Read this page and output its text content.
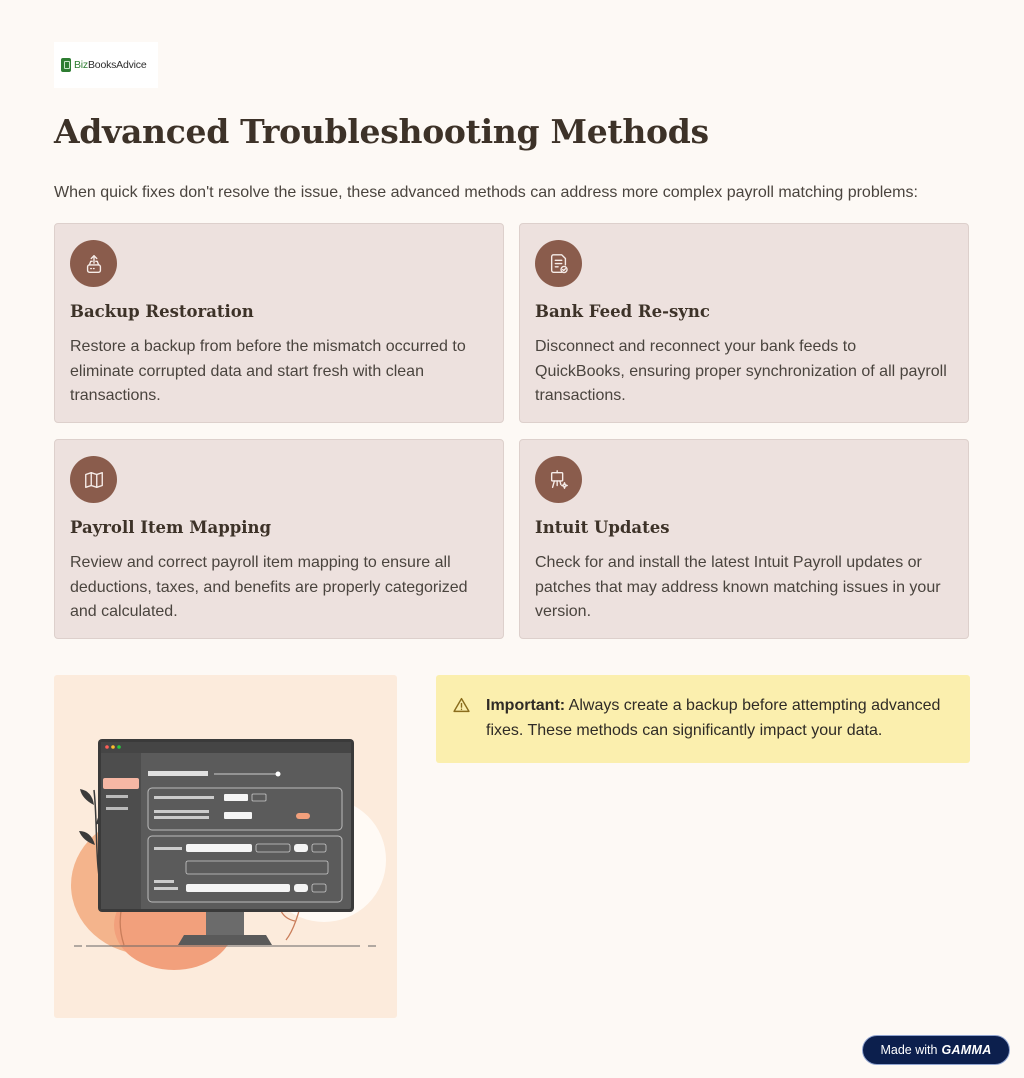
BizBooksAdvice
Advanced Troubleshooting Methods

When quick fixes don't resolve the issue, these advanced methods can address more complex payroll matching problems:

Backup Restoration

Restore a backup from before the mismatch occurred to eliminate corrupted data and start fresh with clean transactions.

Bank Feed Re-sync

Disconnect and reconnect your bank feeds to QuickBooks, ensuring proper synchronization of all payroll transactions.

Payroll Item Mapping

Review and correct payroll item mapping to ensure all deductions, taxes, and benefits are properly categorized and calculated.

Intuit Updates

Check for and install the latest Intuit Payroll updates or patches that may address known matching issues in your version.

Important: Always create a backup before attempting advanced fixes. These methods can significantly impact your data.

Made with GAMMA
